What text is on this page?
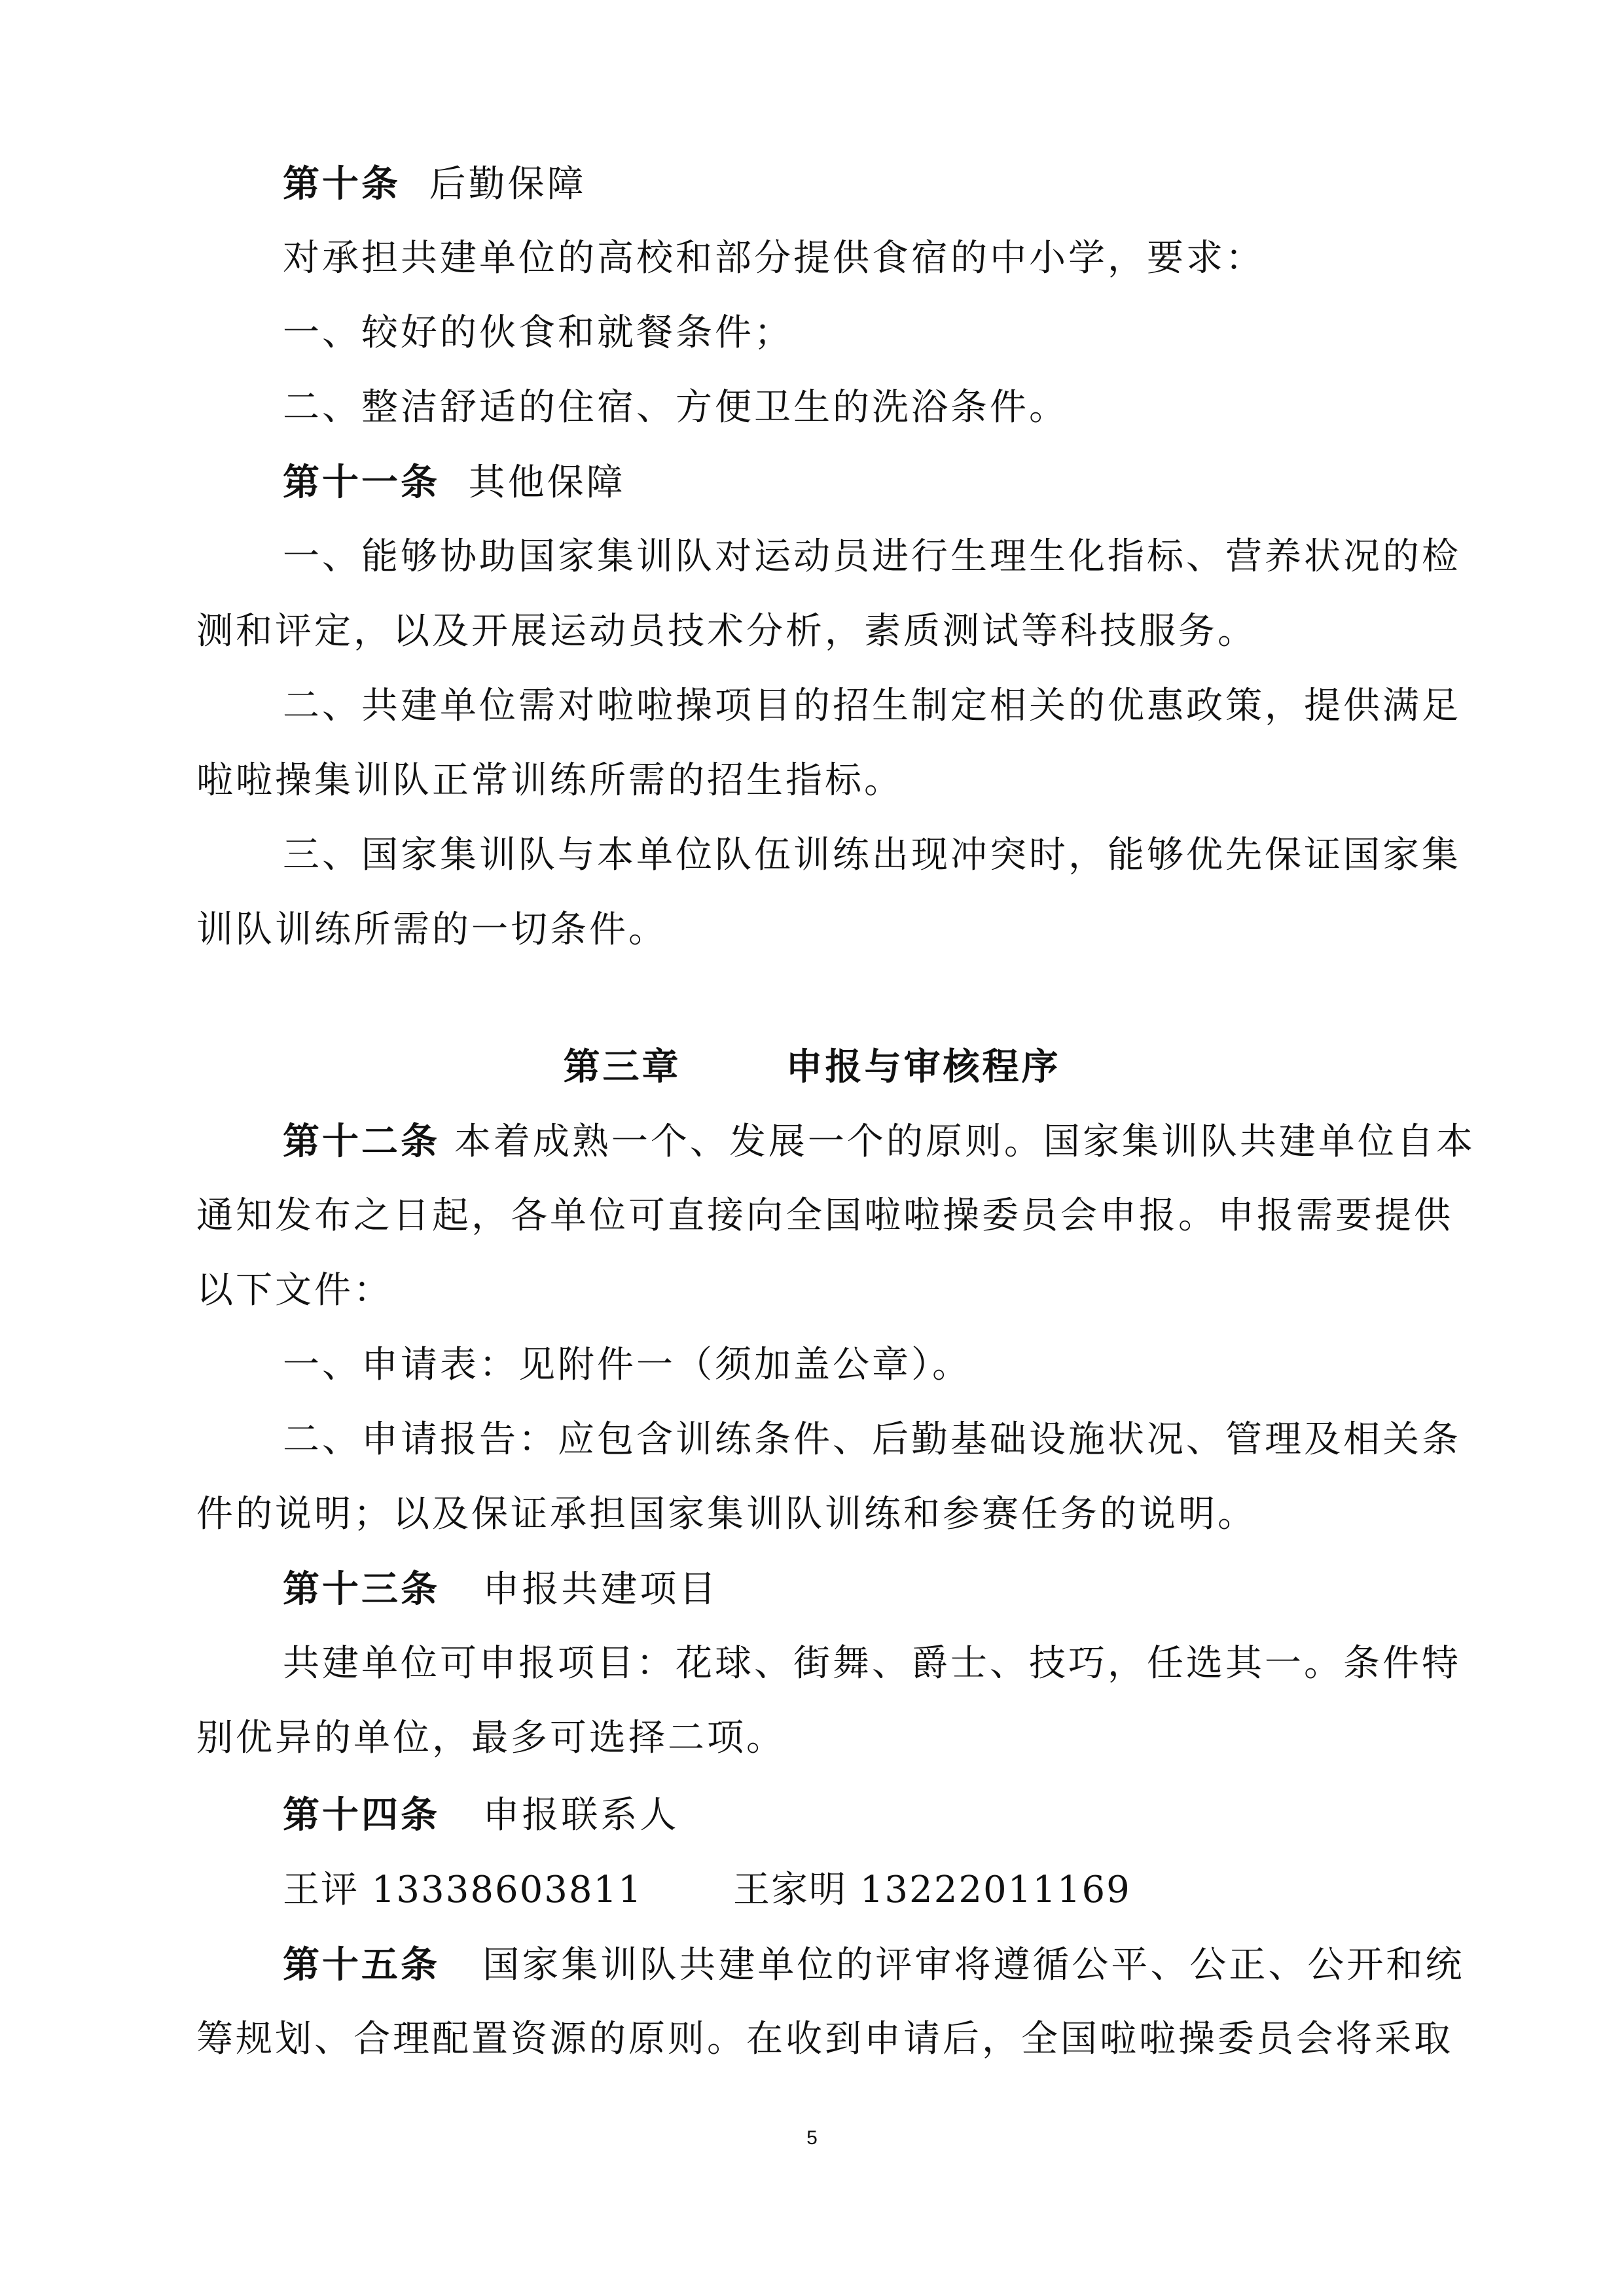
第十条 后勤保障
对承担共建单位的高校和部分提供食宿的中小学，要求：
一、较好的伙食和就餐条件；
二、整洁舒适的住宿、方便卫生的洗浴条件。
第十一条 其他保障
一、能够协助国家集训队对运动员进行生理生化指标、营养状况的检
测和评定，以及开展运动员技术分析，素质测试等科技服务。
二、共建单位需对啦啦操项目的招生制定相关的优惠政策，提供满足
啦啦操集训队正常训练所需的招生指标。
三、国家集训队与本单位队伍训练出现冲突时，能够优先保证国家集
训队训练所需的一切条件。
第三章	申报与审核程序
第十二条 本着成熟一个、发展一个的原则。国家集训队共建单位自本
通知发布之日起，各单位可直接向全国啦啦操委员会申报。申报需要提供
以下文件：
一、申请表：见附件一（须加盖公章）。
二、申请报告：应包含训练条件、后勤基础设施状况、管理及相关条
件的说明；以及保证承担国家集训队训练和参赛任务的说明。
第十三条 申报共建项目
共建单位可申报项目：花球、街舞、爵士、技巧，任选其一。条件特
别优异的单位，最多可选择二项。
第十四条 申报联系人
王评 13338603811 王家明 13222011169
第十五条 国家集训队共建单位的评审将遵循公平、公正、公开和统
筹规划、合理配置资源的原则。在收到申请后，全国啦啦操委员会将采取
5
